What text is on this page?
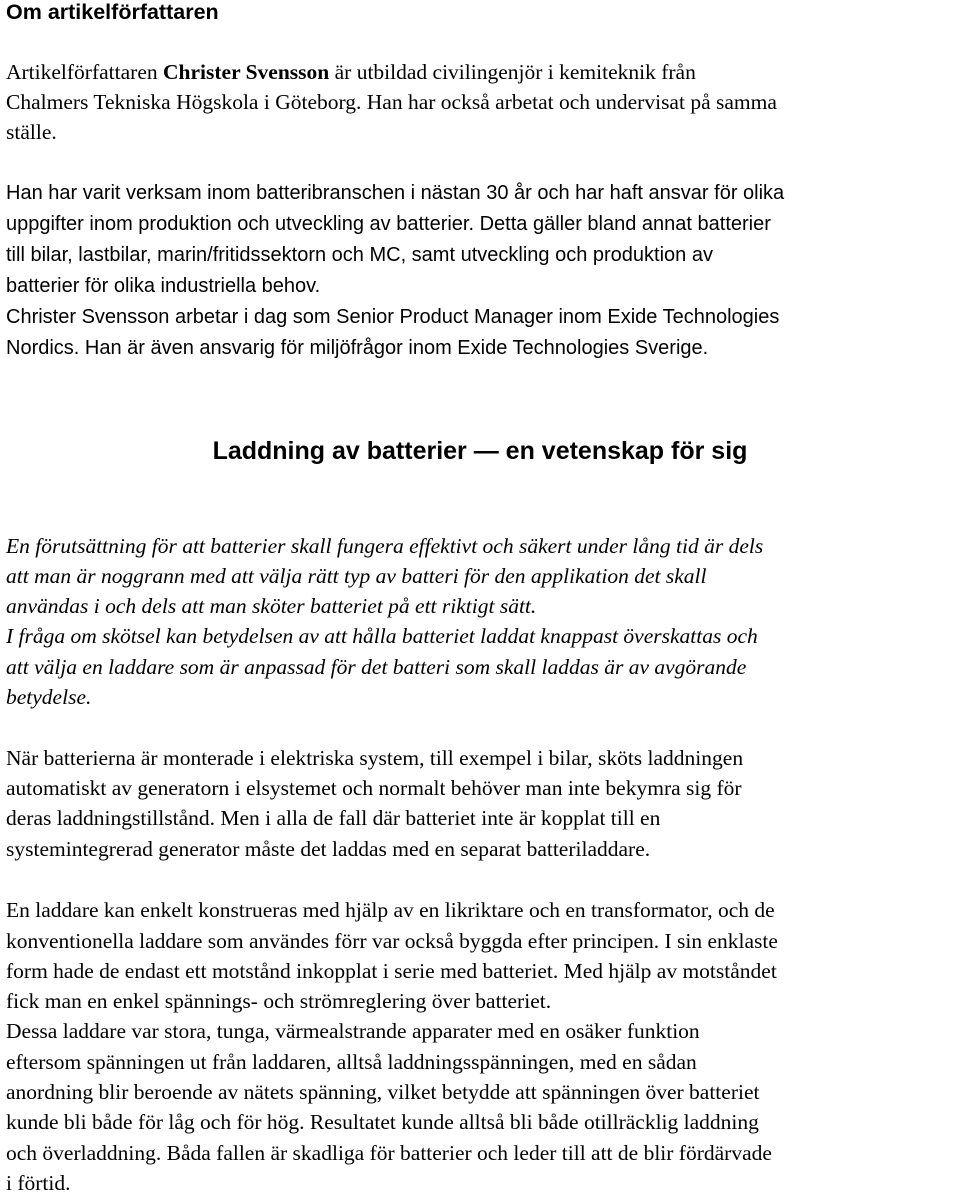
Om artikelförfattaren

Artikelförfattaren Christer Svensson är utbildad civilingenjör i kemiteknik från

Chalmers Tekniska Högskola i Göteborg. Han har också arbetat och undervisat på samma

ställe.

Han har varit verksam inom batteribranschen i nästan 30 år och har haft ansvar för olika

uppgifter inom produktion och utveckling av batterier. Detta gäller bland annat batterier

till bilar, lastbilar, marin/fritidssektorn och MC, samt utveckling och produktion av

batterier för olika industriella behov.

Christer Svensson arbetar i dag som Senior Product Manager inom Exide Technologies

Nordics. Han är även ansvarig för miljöfrågor inom Exide Technologies Sverige.

Laddning av batterier — en vetenskap för sig

En förutsättning för att batterier skall fungera effektivt och säkert under lång tid är dels

att man är noggrann med att välja rätt typ av batteri för den applikation det skall

användas i och dels att man sköter batteriet på ett riktigt sätt.

I fråga om skötsel kan betydelsen av att hålla batteriet laddat knappast överskattas och

att välja en laddare som är anpassad för det batteri som skall laddas är av avgörande

betydelse.

När batterierna är monterade i elektriska system, till exempel i bilar, sköts laddningen

automatiskt av generatorn i elsystemet och normalt behöver man inte bekymra sig för

deras laddningstillstånd. Men i alla de fall där batteriet inte är kopplat till en

systemintegrerad generator måste det laddas med en separat batteriladdare.

En laddare kan enkelt konstrueras med hjälp av en likriktare och en transformator, och de

konventionella laddare som användes förr var också byggda efter principen. I sin enklaste

form hade de endast ett motstånd inkopplat i serie med batteriet. Med hjälp av motståndet

fick man en enkel spännings- och strömreglering över batteriet.

Dessa laddare var stora, tunga, värmealstrande apparater med en osäker funktion

eftersom spänningen ut från laddaren, alltså laddningsspänningen, med en sådan

anordning blir beroende av nätets spänning, vilket betydde att spänningen över batteriet

kunde bli både för låg och för hög. Resultatet kunde alltså bli både otillräcklig laddning

och överladdning. Båda fallen är skadliga för batterier och leder till att de blir fördärvade

i förtid.
